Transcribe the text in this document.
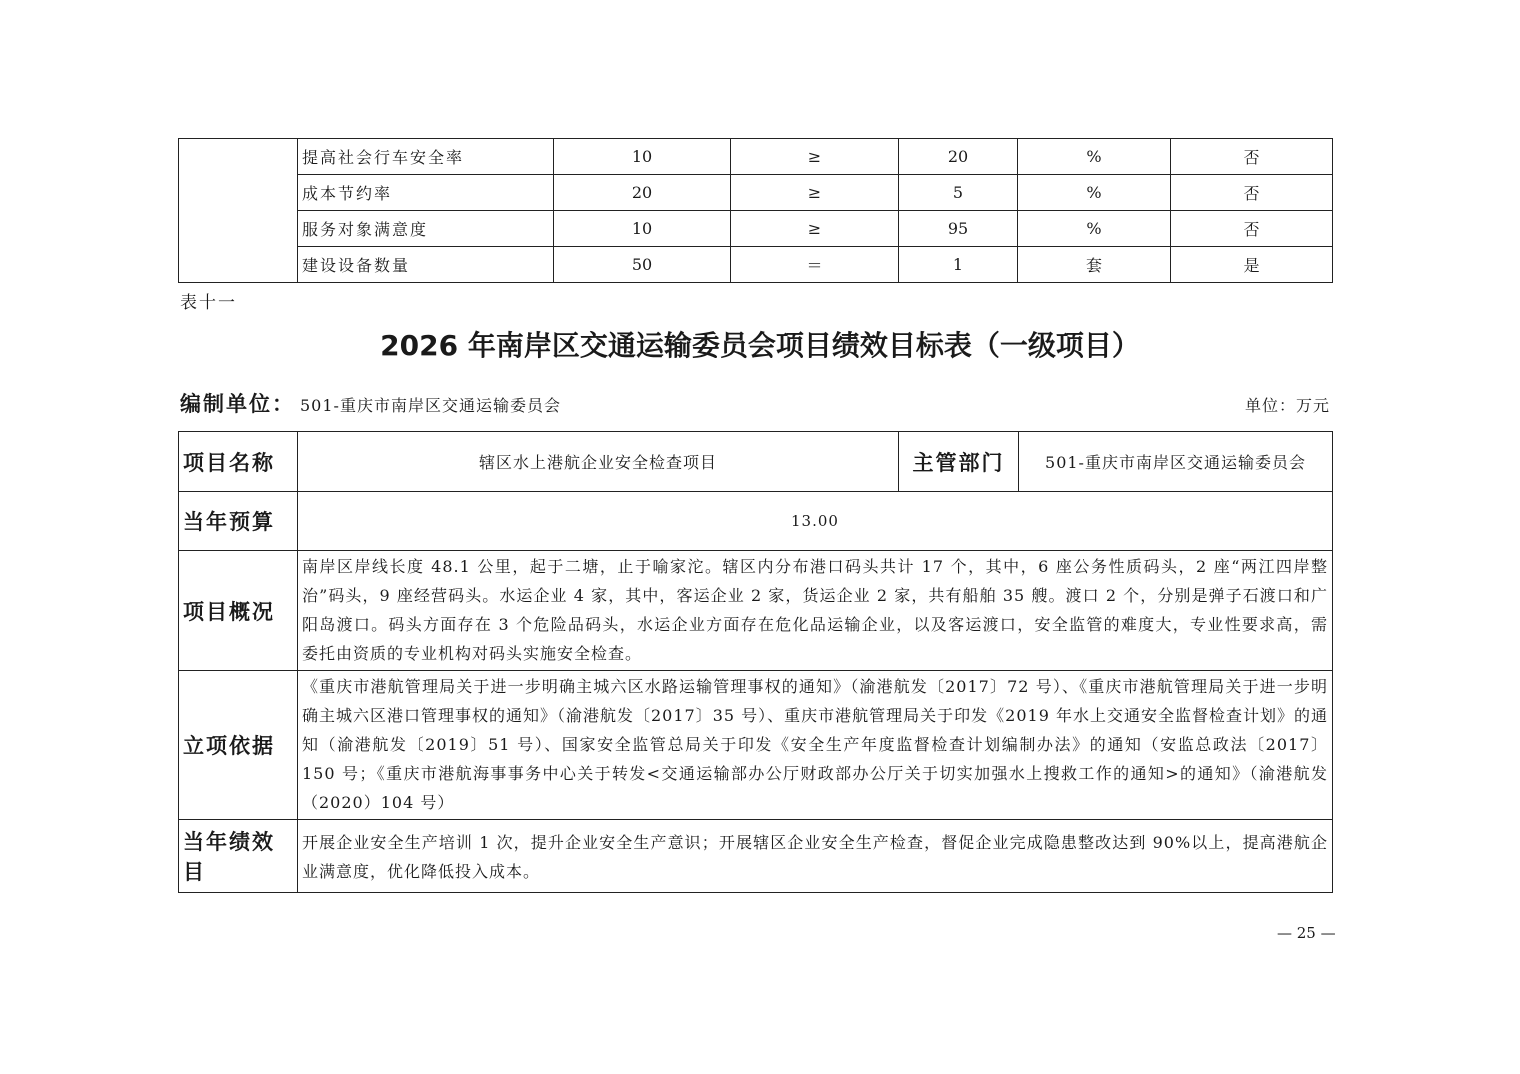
	提高社会行车安全率	10	≥	20	%	否
	成本节约率	20	≥	5	%	否
	服务对象满意度	10	≥	95	%	否
	建设设备数量	50	＝	1	套	是
表十一
2026 年南岸区交通运输委员会项目绩效目标表（一级项目）
编制单位： 501-重庆市南岸区交通运输委员会	单位：万元
项目名称	辖区水上港航企业安全检查项目	主管部门	501-重庆市南岸区交通运输委员会
当年预算	13.00		
项目概况	南岸区岸线长度 48.1 公里，起于二塘，止于喻家沱。辖区内分布港口码头共计 17 个，其中，6 座公务性质码头，2 座“两江四岸整治”码头，9 座经营码头。水运企业 4 家，其中，客运企业 2 家，货运企业 2 家，共有船舶 35 艘。渡口 2 个，分别是弹子石渡口和广阳岛渡口。码头方面存在 3 个危险品码头，水运企业方面存在危化品运输企业，以及客运渡口，安全监管的难度大，专业性要求高，需委托由资质的专业机构对码头实施安全检查。		
立项依据	《重庆市港航管理局关于进一步明确主城六区水路运输管理事权的通知》（渝港航发〔2017〕72 号）、《重庆市港航管理局关于进一步明确主城六区港口管理事权的通知》（渝港航发〔2017〕35 号）、重庆市港航管理局关于印发《2019 年水上交通安全监督检查计划》的通知（渝港航发〔2019〕51 号）、国家安全监管总局关于印发《安全生产年度监督检查计划编制办法》的通知（安监总政法〔2017〕150 号；《重庆市港航海事事务中心关于转发<交通运输部办公厅财政部办公厅关于切实加强水上搜救工作的通知>的通知》（渝港航发（2020）104 号）		
当年绩效目	开展企业安全生产培训 1 次，提升企业安全生产意识；开展辖区企业安全生产检查，督促企业完成隐患整改达到 90%以上，提高港航企业满意度，优化降低投入成本。		
— 25 —
